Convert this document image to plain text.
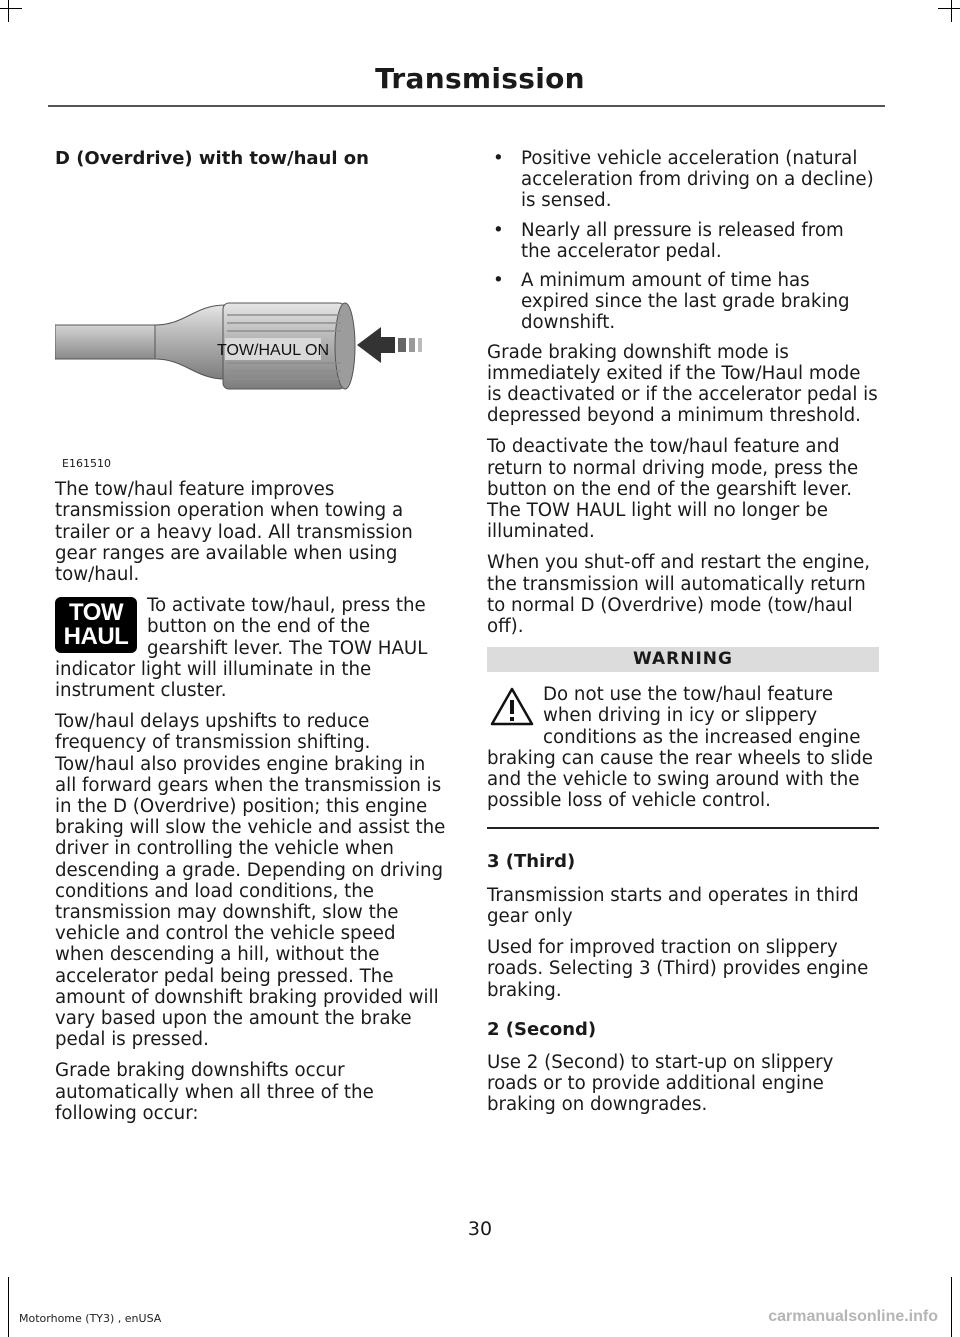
Transmission
D (Overdrive) with tow/haul on
TOW/HAUL ON
E161510

The tow/haul feature improves transmission operation when towing a trailer or a heavy load. All transmission gear ranges are available when using tow/haul.

TOW
HAUL

To activate tow/haul, press the button on the end of the gearshift lever. The TOW HAUL indicator light will illuminate in the instrument cluster.

Tow/haul delays upshifts to reduce frequency of transmission shifting. Tow/haul also provides engine braking in all forward gears when the transmission is in the D (Overdrive) position; this engine braking will slow the vehicle and assist the driver in controlling the vehicle when descending a grade. Depending on driving conditions and load conditions, the transmission may downshift, slow the vehicle and control the vehicle speed when descending a hill, without the accelerator pedal being pressed. The amount of downshift braking provided will vary based upon the amount the brake pedal is pressed.

Grade braking downshifts occur automatically when all three of the following occur:

• Positive vehicle acceleration (natural acceleration from driving on a decline) is sensed.
• Nearly all pressure is released from the accelerator pedal.
• A minimum amount of time has expired since the last grade braking downshift.

Grade braking downshift mode is immediately exited if the Tow/Haul mode is deactivated or if the accelerator pedal is depressed beyond a minimum threshold.

To deactivate the tow/haul feature and return to normal driving mode, press the button on the end of the gearshift lever. The TOW HAUL light will no longer be illuminated.

When you shut-off and restart the engine, the transmission will automatically return to normal D (Overdrive) mode (tow/haul off).

WARNING

Do not use the tow/haul feature when driving in icy or slippery conditions as the increased engine braking can cause the rear wheels to slide and the vehicle to swing around with the possible loss of vehicle control.

3 (Third)

Transmission starts and operates in third gear only

Used for improved traction on slippery roads. Selecting 3 (Third) provides engine braking.

2 (Second)

Use 2 (Second) to start-up on slippery roads or to provide additional engine braking on downgrades.

30
Motorhome (TY3) , enUSA	carmanualsonline.info
